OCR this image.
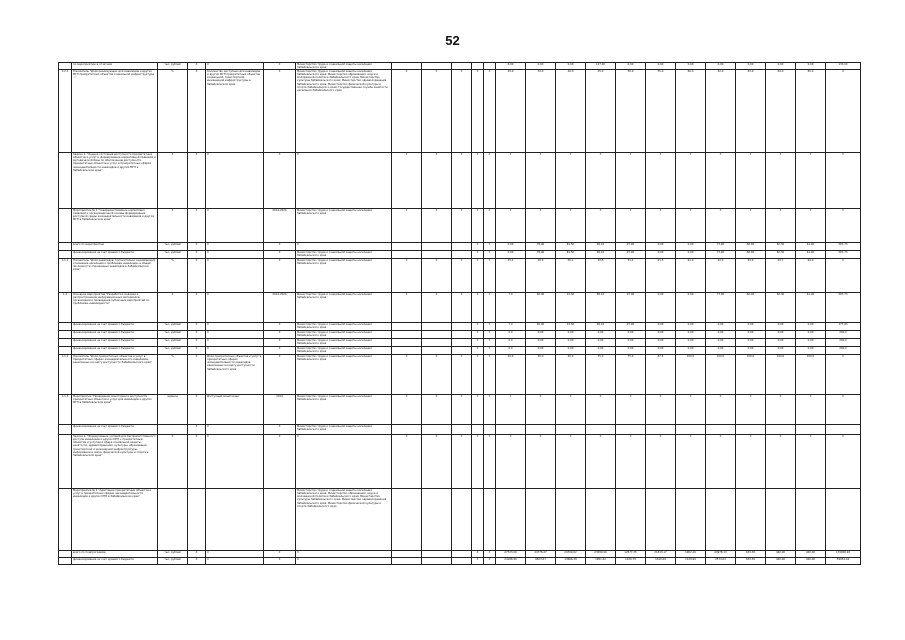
52
	по мероприятию в отчетном	тыс. рублей	X	X	X	Министерство труда и социальной защиты населения Забайкальского края						6,00	0,00	0,00	127,00	0,00	0,00	0,00	0,00	0,00	0,00	0,00	133,00
2.2.1	Показатель "Доля реализующих для инвалидов и других МГН приоритетных объектов социальной инфраструктуры ..."	%	X	Количество доступных для инвалидов и других МГН приоритетных объектов социальной, транспортной, инженерной инфраструктуры в Забайкальском крае	X	Министерство труда и социальной защиты населения Забайкальского края; Министерство образования, науки и молодежной политики Забайкальского края; Министерство культуры Забайкальского края; Министерство здравоохранения Забайкальского края; Министерство физической культуры и спорта Забайкальского края; Государственная служба занятости населения Забайкальского края	X	X	X	X	X	29,0	34,0	40,0	45,0	50,0	55,0	60,0	62,0	63,0	64,0	65,0	X
	Задача 1. "Оценка состояния доступности приоритетных объектов и услуг и формирование нормативной правовой и методической базы по обеспечению доступности приоритетных объектов и услуг в приоритетных сферах жизнедеятельности инвалидов и других МГН в Забайкальском крае"	X	X	X	X	X	X	X	X	X	X	X	X	X	X	X	X	X	X	X	X	X	X
	Мероприятие № 1 "Совершенствование нормативно-правовой и организационной основы формирования доступной среды жизнедеятельности инвалидов и других МГН в Забайкальском крае"	X	X	X	2014-2020	Министерство труда и социальной защиты населения Забайкальского края	X	X	X	X	X	X	X	X	X	X	X	X	X	X	X	X	X
	всего по мероприятию	тыс. рублей	X	X	X	X				X	X	0,00	78,00	81,50	86,43	97,00	0,00	0,00	73,90	60,40	60,30	61,20	587,73
	финансирование за счет краевого бюджета	тыс. рублей	X	X	X	Министерство труда и социальной защиты населения Забайкальского края				X	X	0,00	78,00	81,50	86,43	97,00	0,00	0,00	73,90	60,40	60,30	61,20	587,73
1.1.1	Показатель "Доля инвалидов, положительно оценивающих отношение населения к проблемам инвалидов, в общей численности опрошенных инвалидов в Забайкальском крае"	%	X	X	X	Министерство труда и социальной защиты населения Забайкальского края	X	X	X	X	X	45,2	49,0	50,1	50,5	51,2	61,5	61,0	62,0	63,0	63,7	64,0	X
1.4	Основное мероприятие "Разработка, издание и распространение информационных материалов, организация и проведение публичных мероприятий по проблемам инвалидности"	X	X	X	2014-2020	Министерство труда и социальной защиты населения Забайкальского края	X	X	X	X	X	7,0	60,00	22,50	86,43	97,00	0,00	0,00	73,90	60,40	60,30	61,20	587,73
	финансирование за счет краевого бюджета	тыс. рублей	X	X	X	Министерство труда и социальной защиты населения Забайкальского края				X	X	7,0	60,00	22,50	86,43	97,00	0,00	0,00	0,00	0,00	0,00	0,00	177,93
	финансирование за счет краевого бюджета	тыс. рублей	X	X	X	Министерство труда и социальной защиты населения Забайкальского края				X	X	0,0	0,00	0,00	0,00	0,00	0,00	0,00	0,00	0,00	0,00	0,00	200,0
	финансирование за счет краевого бюджета	тыс. рублей	X	X	X	Министерство труда и социальной защиты населения Забайкальского края				X	X	0,0	0,00	0,00	0,00	0,00	0,00	0,00	0,00	0,00	0,00	0,00	200,0
	финансирование за счет краевого бюджета	тыс. рублей	X	X	X	Министерство труда и социальной защиты населения Забайкальского края				X	X	0,0	0,00	0,00	0,00	0,00	0,00	0,00	0,00	0,00	0,00	0,00	200,0
1.1.2	Показатель "Доля приоритетных объектов и услуг в приоритетных сферах жизнедеятельности инвалидов, нанесенных на карту доступности Забайкальского края"	%	X	Доля приоритетных объектов и услуг в приоритетных сферах жизнедеятельности инвалидов, нанесенных на карту доступности Забайкальского края	X	Министерство труда и социальной защиты населения Забайкальского края	X	X	X	X	X	20,0	30,0	45,0	55,0	75,0	87,5	100,0	100,0	100,0	100,0	100,0	X
1.1.3	Мероприятие "Проведение мониторинга доступности приоритетных объектов и услуг для инвалидов и других МГН в Забайкальском крае"	единиц	X	Доступный мониторинг	2014	Министерство труда и социальной защиты населения Забайкальского края	X	X	X	X	X	1	X	X	X	X	X	X	X	X	X	X	X
	финансирование за счет краевого бюджета		X	X	X	Министерство труда и социальной защиты населения Забайкальского края																	
	Задача 2. "Формирование условий для беспрепятственного доступа инвалидов и других МГН к приоритетным объектам и услугам в сфере социальной защиты, занятости, здравоохранения, культуры, образования, транспортной и инженерной инфраструктуры, информации и связи, физической культуры и спорта в Забайкальском крае"	X	X	X	X	X	X	X	X	X	X	X	X	X	X	X	X	X	X	X	X	X	X
	Мероприятие № 1 "Адаптация приоритетных объектов и услуг в приоритетных сферах жизнедеятельности инвалидов и других МГН в Забайкальском крае"					Министерство труда и социальной защиты населения Забайкальского края; Министерство образования, науки и молодежной политики Забайкальского края; Министерство культуры Забайкальского края; Министерство здравоохранения Забайкальского края; Министерство физической культуры и спорта Забайкальского края																	
	всего по подпрограмме	тыс. рублей	X	X	X	X				X	X	27723,09	44778,27	24700,02	23589,90	12577,35	21813,17	1902,16	20978,13	633,30	440,00	440,00	179006,94
	финансирование за счет краевого бюджета	тыс. рублей	X	X	X	X				X	X	24186,90	9823,27	13666,39	1981,42	1226,79	1616,40	1129,90	2574,03	633,30	440,00	440,00	59054,44
